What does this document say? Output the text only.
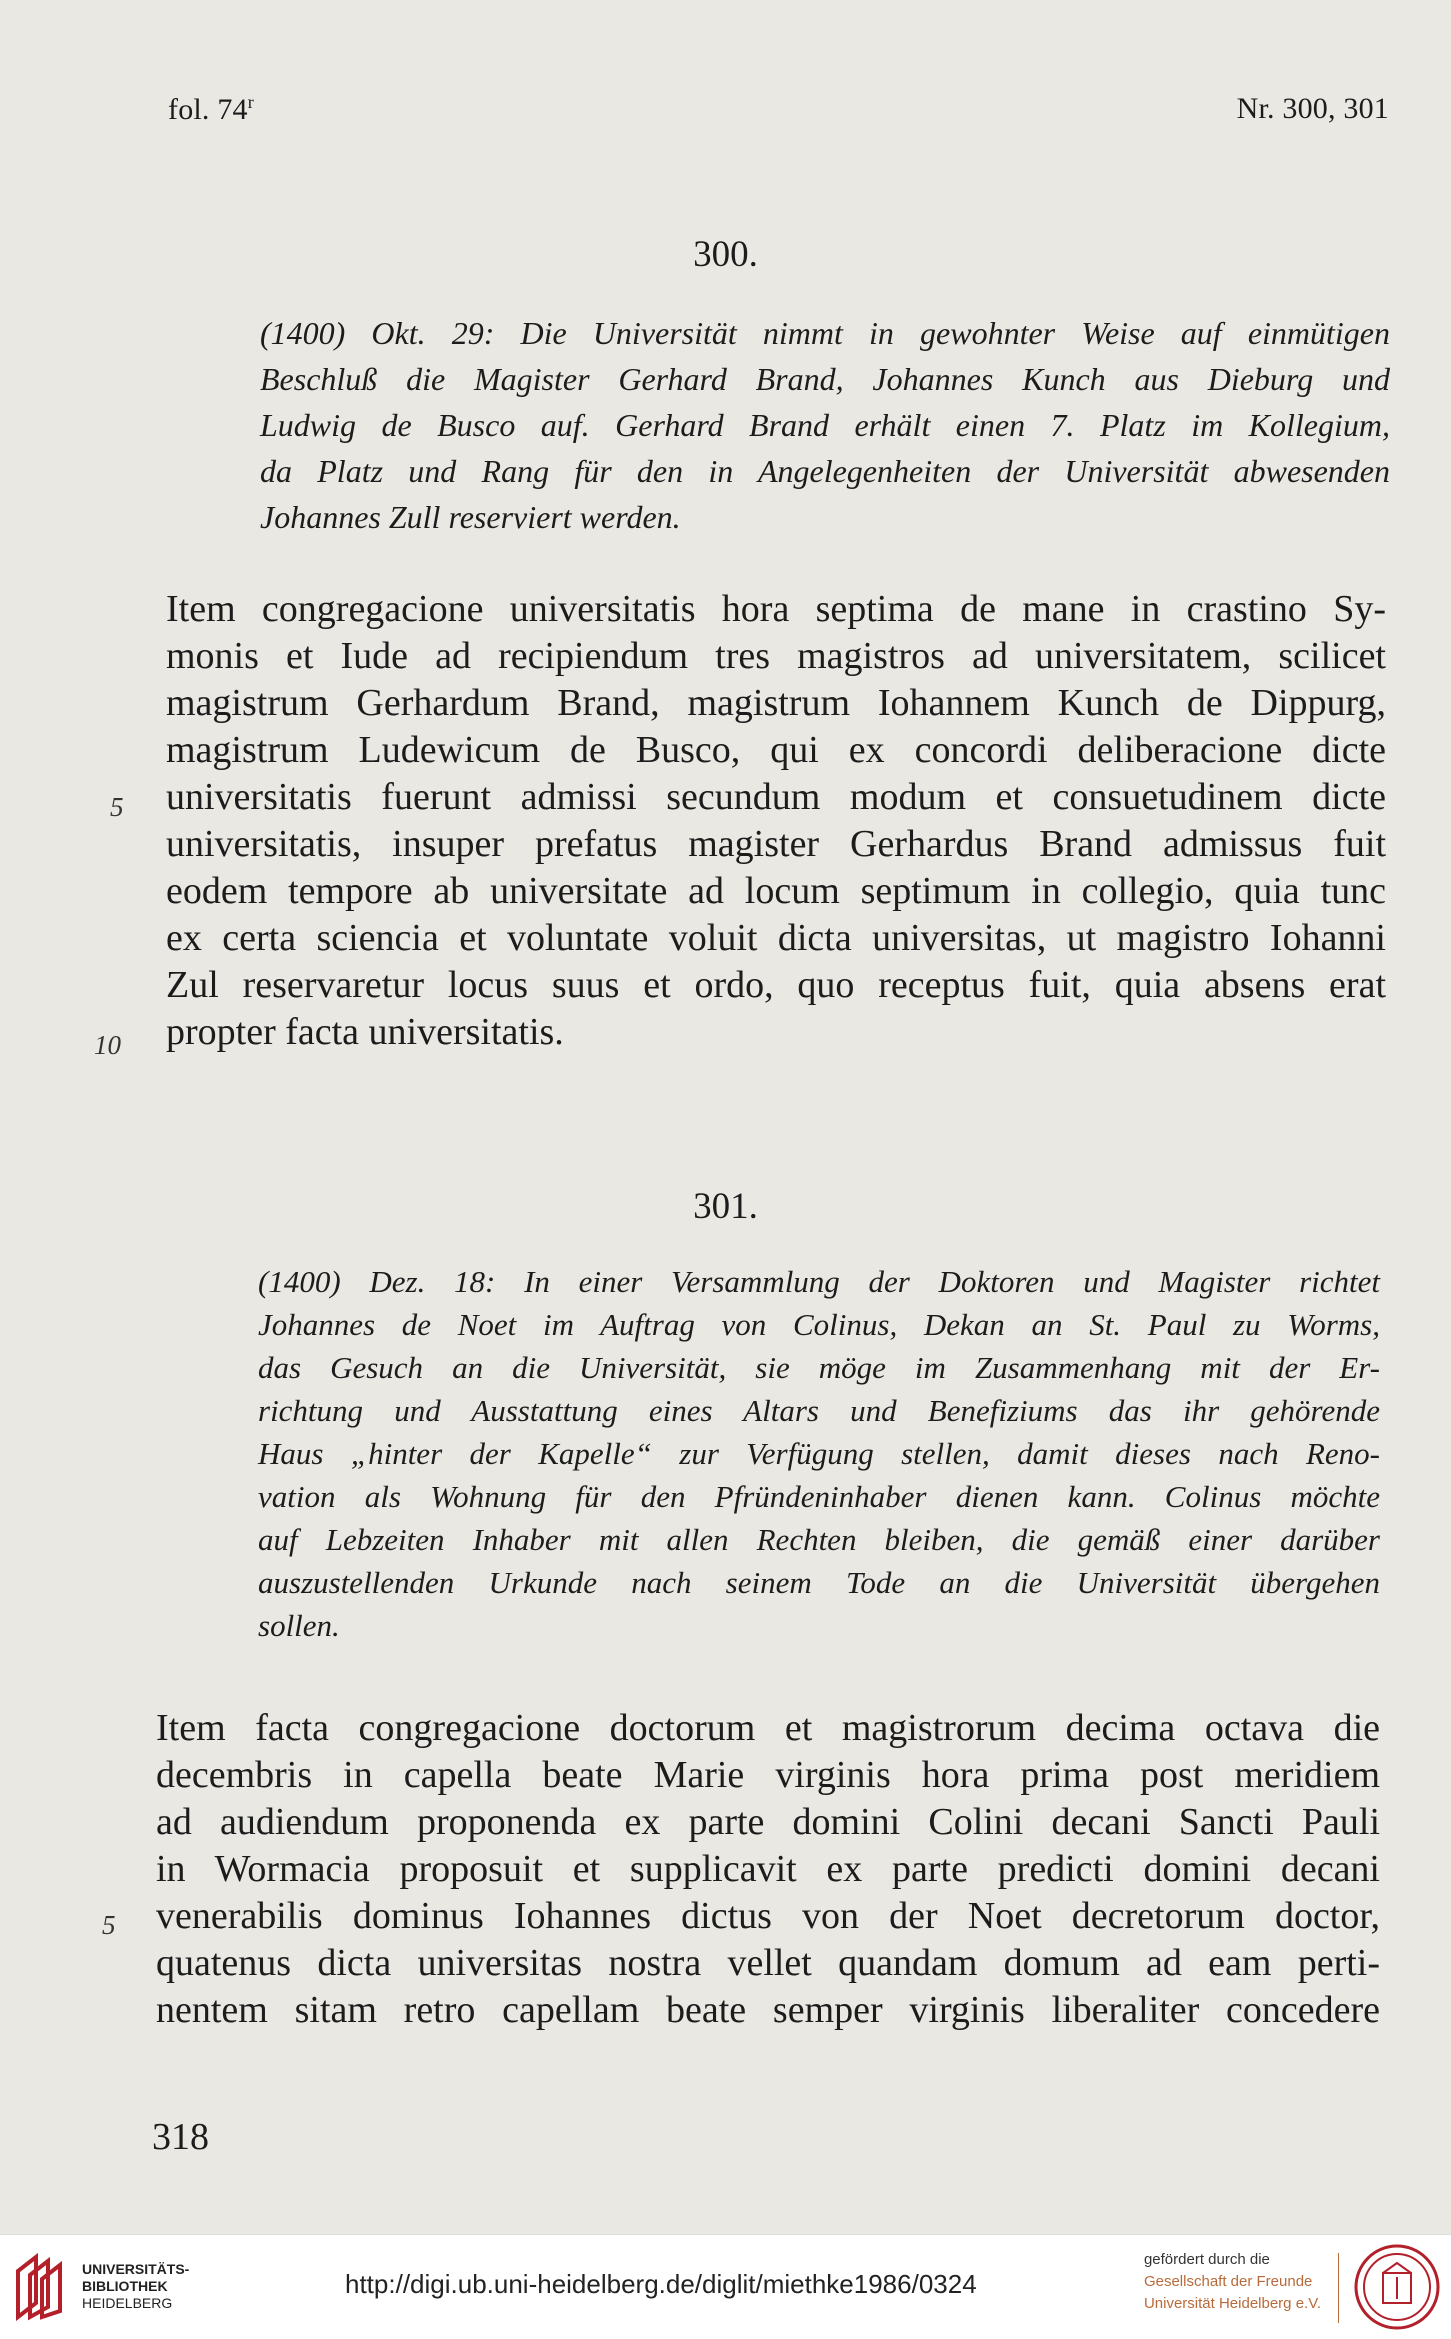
fol. 74$^r$	Nr. 300, 301
300.
(1400) Okt. 29: Die Universität nimmt in gewohnter Weise auf einmütigen
Beschluß die Magister Gerhard Brand, Johannes Kunch aus Dieburg und
Ludwig de Busco auf. Gerhard Brand erhält einen 7. Platz im Kollegium,
da Platz und Rang für den in Angelegenheiten der Universität abwesenden
Johannes Zull reserviert werden.
Item congregacione universitatis hora septima de mane in crastino Sy-
monis et Iude ad recipiendum tres magistros ad universitatem, scilicet
magistrum Gerhardum Brand, magistrum Iohannem Kunch de Dippurg,
magistrum Ludewicum de Busco, qui ex concordi deliberacione dicte
universitatis fuerunt admissi secundum modum et consuetudinem dicte
universitatis, insuper prefatus magister Gerhardus Brand admissus fuit
eodem tempore ab universitate ad locum septimum in collegio, quia tunc
ex certa sciencia et voluntate voluit dicta universitas, ut magistro Iohanni
Zul reservaretur locus suus et ordo, quo receptus fuit, quia absens erat
propter facta universitatis.
5
10
301.
(1400) Dez. 18: In einer Versammlung der Doktoren und Magister richtet
Johannes de Noet im Auftrag von Colinus, Dekan an St. Paul zu Worms,
das Gesuch an die Universität, sie möge im Zusammenhang mit der Er-
richtung und Ausstattung eines Altars und Benefiziums das ihr gehörende
Haus „hinter der Kapelle“ zur Verfügung stellen, damit dieses nach Reno-
vation als Wohnung für den Pfründeninhaber dienen kann. Colinus möchte
auf Lebzeiten Inhaber mit allen Rechten bleiben, die gemäß einer darüber
auszustellenden Urkunde nach seinem Tode an die Universität übergehen
sollen.
Item facta congregacione doctorum et magistrorum decima octava die
decembris in capella beate Marie virginis hora prima post meridiem
ad audiendum proponenda ex parte domini Colini decani Sancti Pauli
in Wormacia proposuit et supplicavit ex parte predicti domini decani
venerabilis dominus Iohannes dictus von der Noet decretorum doctor,
quatenus dicta universitas nostra vellet quandam domum ad eam perti-
nentem sitam retro capellam beate semper virginis liberaliter concedere
5
318
UNIVERSITÄTS-
BIBLIOTHEK
HEIDELBERG
http://digi.ub.uni-heidelberg.de/diglit/miethke1986/0324
gefördert durch die
Gesellschaft der Freunde
Universität Heidelberg e.V.
